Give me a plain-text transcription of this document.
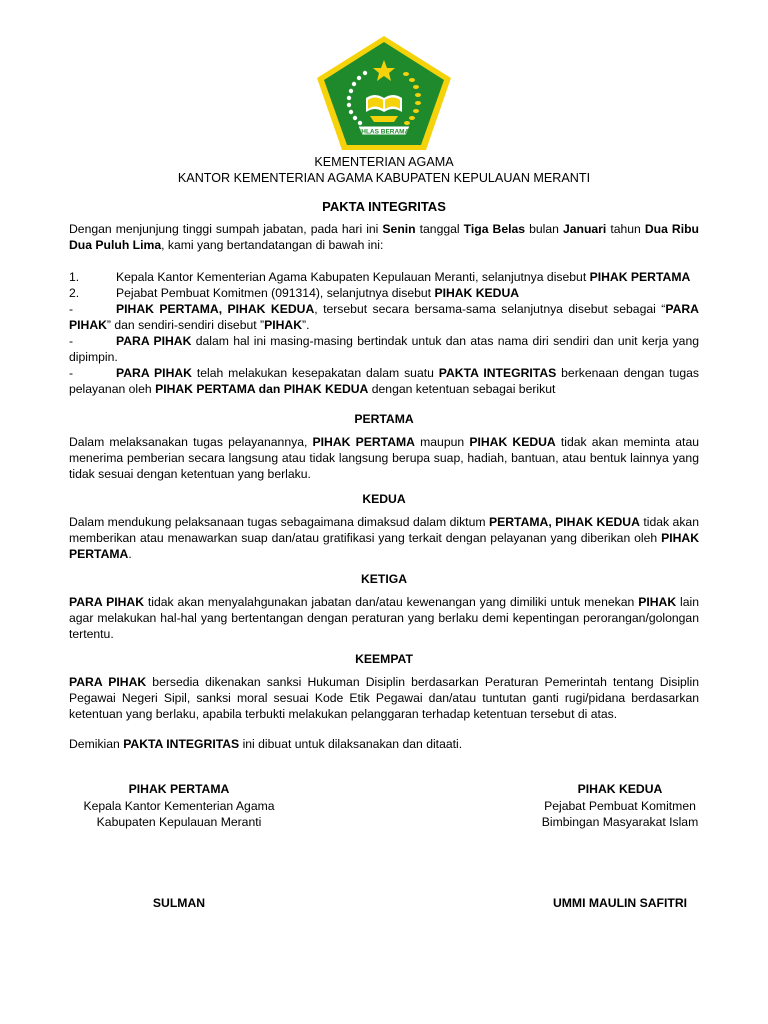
IKHLAS BERAMAL
KEMENTERIAN AGAMA
KANTOR KEMENTERIAN AGAMA KABUPATEN KEPULAUAN MERANTI
PAKTA INTEGRITAS

Dengan menjunjung tinggi sumpah jabatan, pada hari ini Senin tanggal Tiga Belas bulan Januari tahun Dua Ribu Dua Puluh Lima, kami yang bertandatangan di bawah ini:

1.	Kepala Kantor Kementerian Agama Kabupaten Kepulauan Meranti, selanjutnya disebut PIHAK PERTAMA

2.	Pejabat Pembuat Komitmen (091314), selanjutnya disebut PIHAK KEDUA

-	PIHAK PERTAMA, PIHAK KEDUA, tersebut secara bersama-sama selanjutnya disebut sebagai “PARA PIHAK” dan sendiri-sendiri disebut ”PIHAK”.

-	PARA PIHAK dalam hal ini masing-masing bertindak untuk dan atas nama diri sendiri dan unit kerja yang dipimpin.

-	PARA PIHAK telah melakukan kesepakatan dalam suatu PAKTA INTEGRITAS berkenaan dengan tugas pelayanan oleh PIHAK PERTAMA dan PIHAK KEDUA dengan ketentuan sebagai berikut

PERTAMA

Dalam melaksanakan tugas pelayanannya, PIHAK PERTAMA maupun PIHAK KEDUA tidak akan meminta atau menerima pemberian secara langsung atau tidak langsung berupa suap, hadiah, bantuan, atau bentuk lainnya yang tidak sesuai dengan ketentuan yang berlaku.

KEDUA

Dalam mendukung pelaksanaan tugas sebagaimana dimaksud dalam diktum PERTAMA, PIHAK KEDUA tidak akan memberikan atau menawarkan suap dan/atau gratifikasi yang terkait dengan pelayanan yang diberikan oleh PIHAK PERTAMA.

KETIGA

PARA PIHAK tidak akan menyalahgunakan jabatan dan/atau kewenangan yang dimiliki untuk menekan PIHAK lain agar melakukan hal-hal yang bertentangan dengan peraturan yang berlaku demi kepentingan perorangan/golongan tertentu.

KEEMPAT

PARA PIHAK bersedia dikenakan sanksi Hukuman Disiplin berdasarkan Peraturan Pemerintah tentang Disiplin Pegawai Negeri Sipil, sanksi moral sesuai Kode Etik Pegawai dan/atau tuntutan ganti rugi/pidana berdasarkan ketentuan yang berlaku, apabila terbukti melakukan pelanggaran terhadap ketentuan tersebut di atas.

Demikian PAKTA INTEGRITAS ini dibuat untuk dilaksanakan dan ditaati.

PIHAK PERTAMA
Kepala Kantor Kementerian Agama
Kabupaten Kepulauan Meranti
SULMAN
PIHAK KEDUA
Pejabat Pembuat Komitmen
Bimbingan Masyarakat Islam
UMMI MAULIN SAFITRI
